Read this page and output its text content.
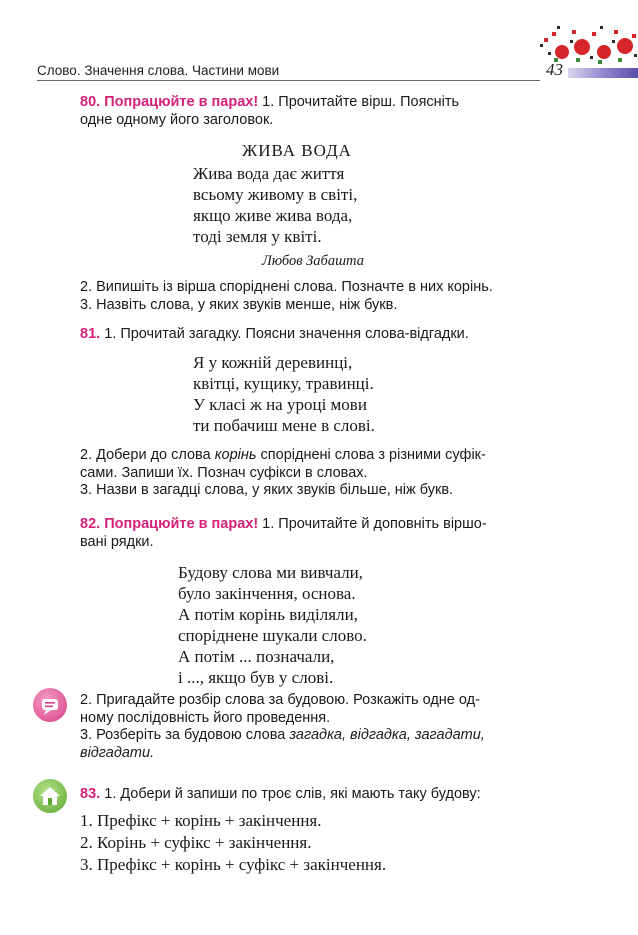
Слово. Значення слова. Частини мови	43
80. Попрацюйте в парах! 1. Прочитайте вірш. Поясніть
одне одному його заголовок.
ЖИВА ВОДА
Жива вода дає життя
всьому живому в світі,
якщо живе жива вода,
тоді земля у квіті.
Любов Забашта
2. Випишіть із вірша споріднені слова. Позначте в них корінь.
3. Назвіть слова, у яких звуків менше, ніж букв.
81. 1. Прочитай загадку. Поясни значення слова-відгадки.
Я у кожній деревинці,
квітці, кущику, травинці.
У класі ж на уроці мови
ти побачиш мене в слові.
2. Добери до слова корінь споріднені слова з різними суфік-
сами. Запиши їх. Познач суфікси в словах.
3. Назви в загадці слова, у яких звуків більше, ніж букв.
82. Попрацюйте в парах! 1. Прочитайте й доповніть віршо-
вані рядки.
Будову слова ми вивчали,
було закінчення, основа.
А потім корінь виділяли,
споріднене шукали слово.
А потім ... позначали,
і ..., якщо був у слові.
2. Пригадайте розбір слова за будовою. Розкажіть одне од-
ному послідовність його проведення.
3. Розберіть за будовою слова загадка, відгадка, загадати,
відгадати.
83. 1. Добери й запиши по троє слів, які мають таку будову:
1. Префікс + корінь + закінчення.
2. Корінь + суфікс + закінчення.
3. Префікс + корінь + суфікс + закінчення.
